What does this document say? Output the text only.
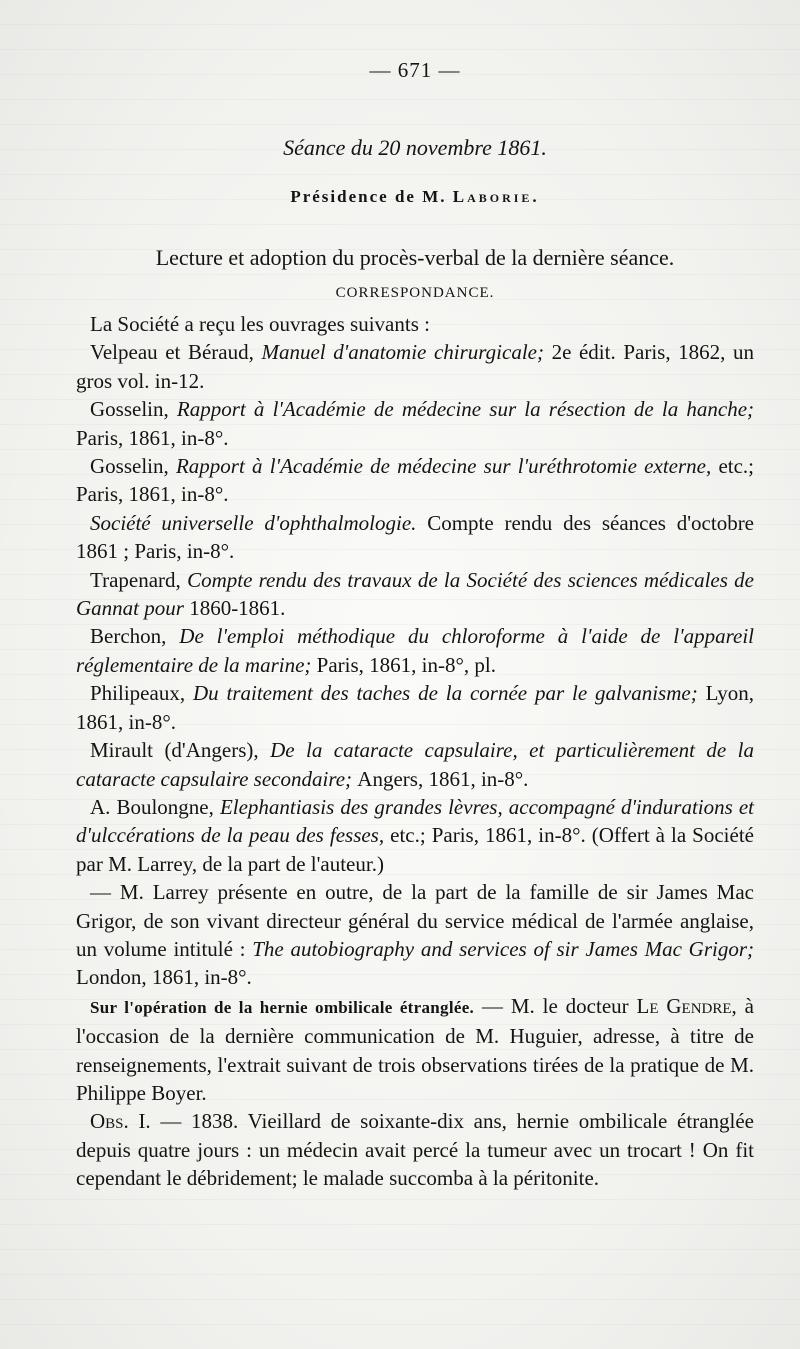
— 671 —
Séance du 20 novembre 1861.
Présidence de M. Laborie.
Lecture et adoption du procès-verbal de la dernière séance.
CORRESPONDANCE.

La Société a reçu les ouvrages suivants :

Velpeau et Béraud, Manuel d'anatomie chirurgicale; 2e édit. Paris, 1862, un gros vol. in-12.

Gosselin, Rapport à l'Académie de médecine sur la résection de la hanche; Paris, 1861, in-8°.

Gosselin, Rapport à l'Académie de médecine sur l'uréthrotomie externe, etc.; Paris, 1861, in-8°.

Société universelle d'ophthalmologie. Compte rendu des séances d'octobre 1861 ; Paris, in-8°.

Trapenard, Compte rendu des travaux de la Société des sciences médicales de Gannat pour 1860-1861.

Berchon, De l'emploi méthodique du chloroforme à l'aide de l'appareil réglementaire de la marine; Paris, 1861, in-8°, pl.

Philipeaux, Du traitement des taches de la cornée par le galvanisme; Lyon, 1861, in-8°.

Mirault (d'Angers), De la cataracte capsulaire, et particulièrement de la cataracte capsulaire secondaire; Angers, 1861, in-8°.

A. Boulongne, Elephantiasis des grandes lèvres, accompagné d'indurations et d'ulccérations de la peau des fesses, etc.; Paris, 1861, in-8°. (Offert à la Société par M. Larrey, de la part de l'auteur.)

— M. Larrey présente en outre, de la part de la famille de sir James Mac Grigor, de son vivant directeur général du service médical de l'armée anglaise, un volume intitulé : The autobiography and services of sir James Mac Grigor; London, 1861, in-8°.

Sur l'opération de la hernie ombilicale étranglée. — M. le docteur Le Gendre, à l'occasion de la dernière communication de M. Huguier, adresse, à titre de renseignements, l'extrait suivant de trois observations tirées de la pratique de M. Philippe Boyer.

Obs. I. — 1838. Vieillard de soixante-dix ans, hernie ombilicale étranglée depuis quatre jours : un médecin avait percé la tumeur avec un trocart ! On fit cependant le débridement; le malade succomba à la péritonite.
